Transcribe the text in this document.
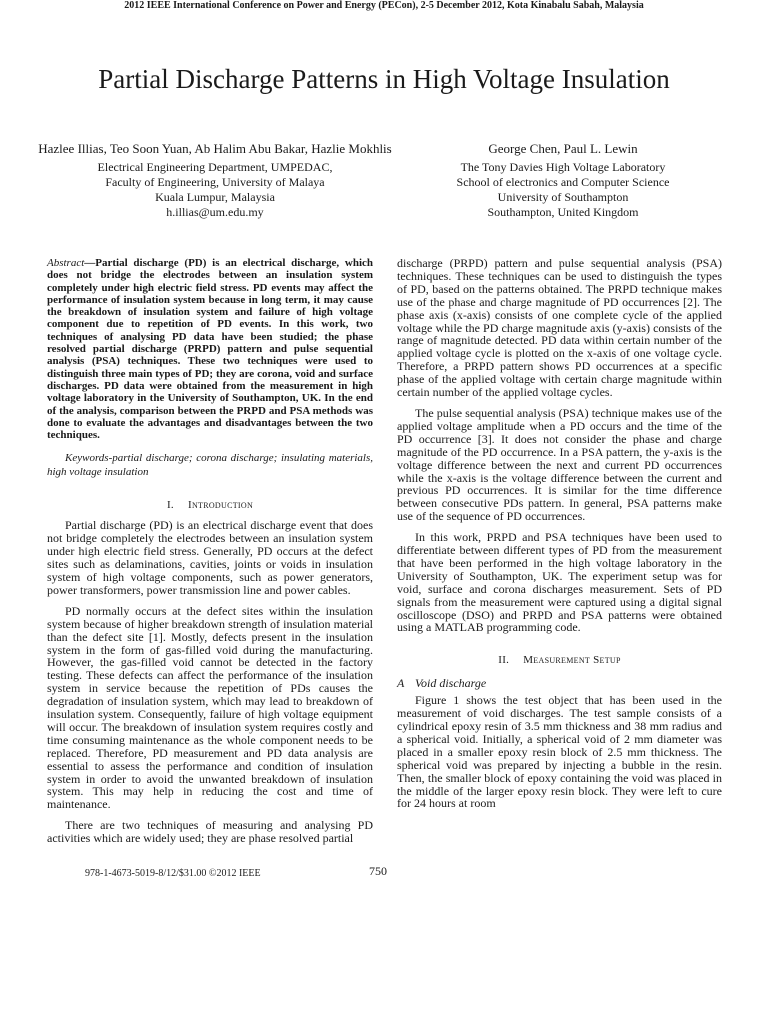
2012 IEEE International Conference on Power and Energy (PECon), 2-5 December 2012, Kota Kinabalu Sabah, Malaysia
Partial Discharge Patterns in High Voltage Insulation
Hazlee Illias, Teo Soon Yuan, Ab Halim Abu Bakar, Hazlie Mokhlis
Electrical Engineering Department, UMPEDAC,
Faculty of Engineering, University of Malaya
Kuala Lumpur, Malaysia
h.illias@um.edu.my
George Chen, Paul L. Lewin
The Tony Davies High Voltage Laboratory
School of electronics and Computer Science
University of Southampton
Southampton, United Kingdom

Abstract—Partial discharge (PD) is an electrical discharge, which does not bridge the electrodes between an insulation system completely under high electric field stress. PD events may affect the performance of insulation system because in long term, it may cause the breakdown of insulation system and failure of high voltage component due to repetition of PD events. In this work, two techniques of analysing PD data have been studied; the phase resolved partial discharge (PRPD) pattern and pulse sequential analysis (PSA) techniques. These two techniques were used to distinguish three main types of PD; they are corona, void and surface discharges. PD data were obtained from the measurement in high voltage laboratory in the University of Southampton, UK. In the end of the analysis, comparison between the PRPD and PSA methods was done to evaluate the advantages and disadvantages between the two techniques.

Keywords-partial discharge; corona discharge; insulating materials, high voltage insulation

I. Introduction

Partial discharge (PD) is an electrical discharge event that does not bridge completely the electrodes between an insulation system under high electric field stress. Generally, PD occurs at the defect sites such as delaminations, cavities, joints or voids in insulation system of high voltage components, such as power generators, power transformers, power transmission line and power cables.

PD normally occurs at the defect sites within the insulation system because of higher breakdown strength of insulation material than the defect site [1]. Mostly, defects present in the insulation system in the form of gas-filled void during the manufacturing. However, the gas-filled void cannot be detected in the factory testing. These defects can affect the performance of the insulation system in service because the repetition of PDs causes the degradation of insulation system, which may lead to breakdown of insulation system. Consequently, failure of high voltage equipment will occur. The breakdown of insulation system requires costly and time consuming maintenance as the whole component needs to be replaced. Therefore, PD measurement and PD data analysis are essential to assess the performance and condition of insulation system in order to avoid the unwanted breakdown of insulation system. This may help in reducing the cost and time of maintenance.

There are two techniques of measuring and analysing PD activities which are widely used; they are phase resolved partial

discharge (PRPD) pattern and pulse sequential analysis (PSA) techniques. These techniques can be used to distinguish the types of PD, based on the patterns obtained. The PRPD technique makes use of the phase and charge magnitude of PD occurrences [2]. The phase axis (x-axis) consists of one complete cycle of the applied voltage while the PD charge magnitude axis (y-axis) consists of the range of magnitude detected. PD data within certain number of the applied voltage cycle is plotted on the x-axis of one voltage cycle. Therefore, a PRPD pattern shows PD occurrences at a specific phase of the applied voltage with certain charge magnitude within certain number of the applied voltage cycles.

The pulse sequential analysis (PSA) technique makes use of the applied voltage amplitude when a PD occurs and the time of the PD occurrence [3]. It does not consider the phase and charge magnitude of the PD occurrence. In a PSA pattern, the y-axis is the voltage difference between the next and current PD occurrences while the x-axis is the voltage difference between the current and previous PD occurrences. It is similar for the time difference between consecutive PDs pattern. In general, PSA patterns make use of the sequence of PD occurrences.

In this work, PRPD and PSA techniques have been used to differentiate between different types of PD from the measurement that have been performed in the high voltage laboratory in the University of Southampton, UK. The experiment setup was for void, surface and corona discharges measurement. Sets of PD signals from the measurement were captured using a digital signal oscilloscope (DSO) and PRPD and PSA patterns were obtained using a MATLAB programming code.

II. Measurement Setup

A Void discharge

Figure 1 shows the test object that has been used in the measurement of void discharges. The test sample consists of a cylindrical epoxy resin of 3.5 mm thickness and 38 mm radius and a spherical void. Initially, a spherical void of 2 mm diameter was placed in a smaller epoxy resin block of 2.5 mm thickness. The spherical void was prepared by injecting a bubble in the resin. Then, the smaller block of epoxy containing the void was placed in the middle of the larger epoxy resin block. They were left to cure for 24 hours at room

978-1-4673-5019-8/12/$31.00 ©2012 IEEE	750
